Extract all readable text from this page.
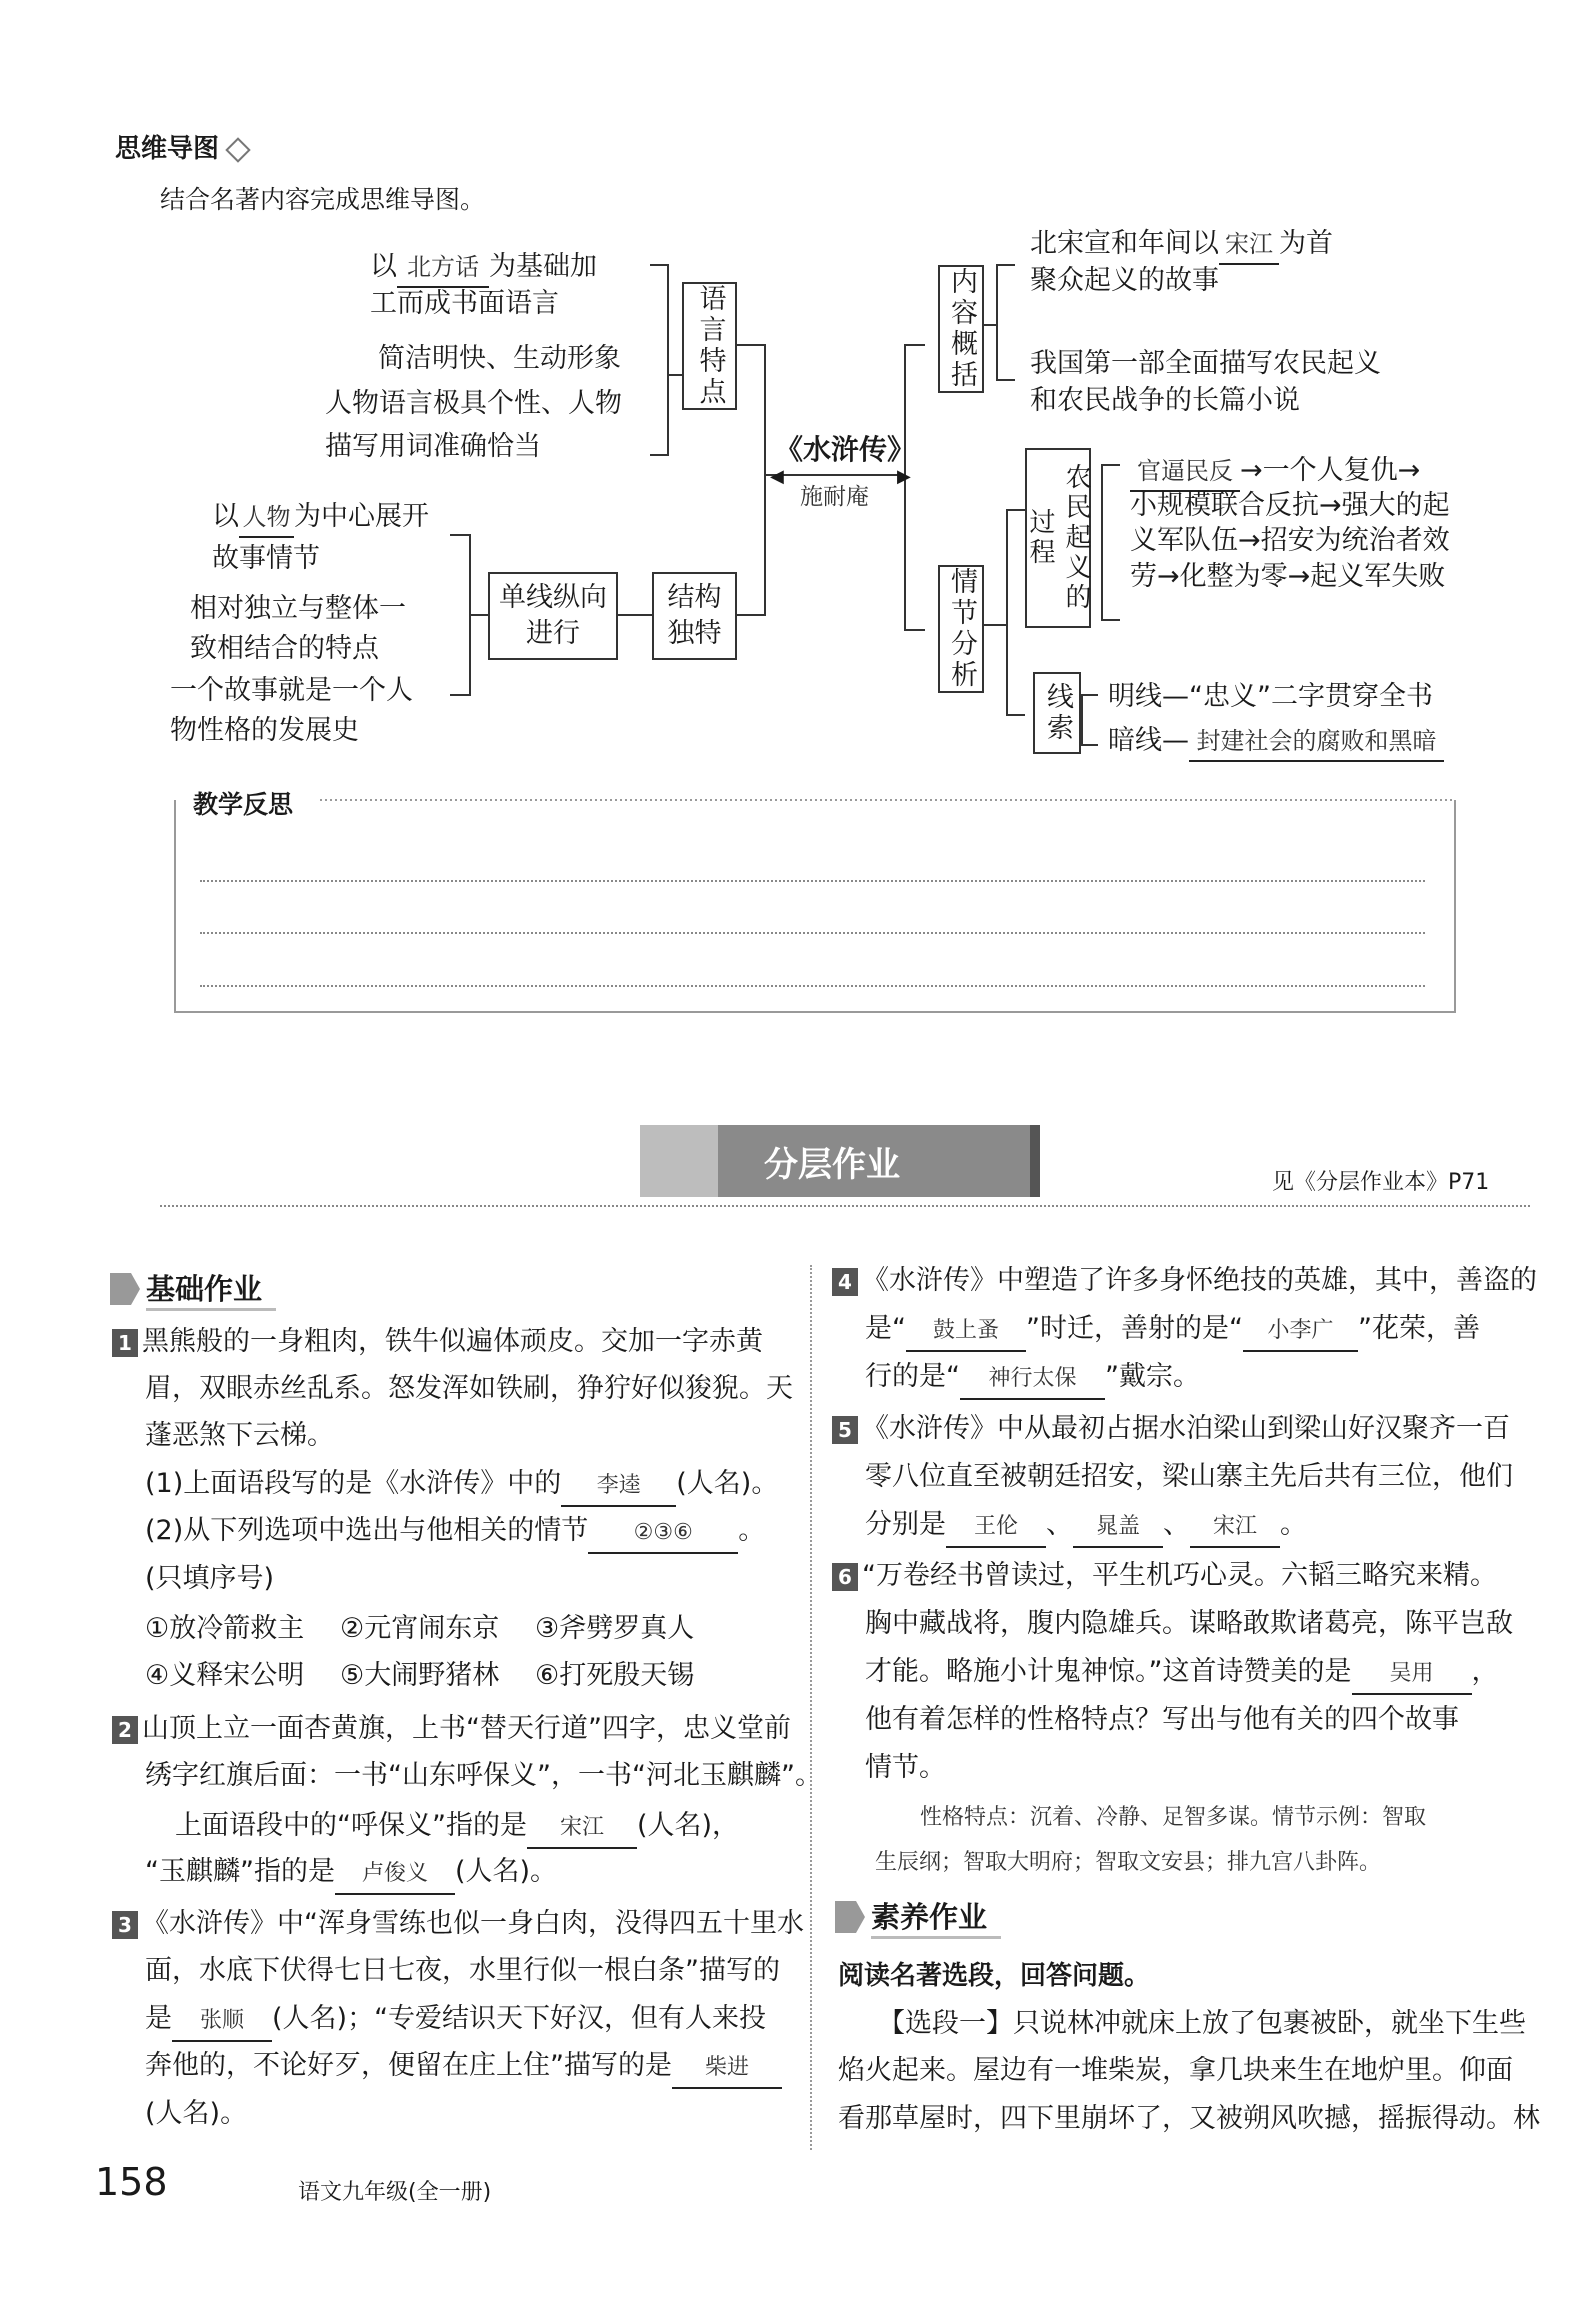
思维导图
结合名著内容完成思维导图。
以 北方话 为基础加
工而成书面语言
简洁明快、生动形象
人物语言极具个性、人物
描写用词准确恰当
语言特点
以 人物 为中心展开
故事情节
相对独立与整体一
致相结合的特点
一个故事就是一个人
物性格的发展史
单线纵向进行
结构独特
《水浒传》
施耐庵
◀	▶
内容概括
北宋宣和年间以 宋江 为首
聚众起义的故事
我国第一部全面描写农民起义
和农民战争的长篇小说
情节分析
农民起义的过程
官逼民反 →一个人复仇→
小规模联合反抗→强大的起
义军队伍→招安为统治者效
劳→化整为零→起义军失败
线索 明线—“忠义”二字贯穿全书
暗线— 封建社会的腐败和黑暗
教学反思
分层作业	见《分层作业本》P71
基础作业
1 黑熊般的一身粗肉，铁牛似遍体顽皮。交加一字赤黄
眉，双眼赤丝乱系。怒发浑如铁刷，狰狞好似狻猊。天
蓬恶煞下云梯。
(1)上面语段写的是《水浒传》中的 李逵 (人名)。
(2)从下列选项中选出与他相关的情节 ②③⑥ 。
(只填序号)
①放冷箭救主 ②元宵闹东京 ③斧劈罗真人
④义释宋公明 ⑤大闹野猪林 ⑥打死殷天锡
2 山顶上立一面杏黄旗，上书“替天行道”四字，忠义堂前
绣字红旗后面：一书“山东呼保义”，一书“河北玉麒麟”。
上面语段中的“呼保义”指的是 宋江 (人名)，
“玉麒麟”指的是 卢俊义 (人名)。
3 《水浒传》中“浑身雪练也似一身白肉，没得四五十里水
面，水底下伏得七日七夜，水里行似一根白条”描写的
是 张顺 (人名)；“专爱结识天下好汉，但有人来投
奔他的，不论好歹，便留在庄上住”描写的是 柴进
(人名)。
4 《水浒传》中塑造了许多身怀绝技的英雄，其中，善盗的
是“ 鼓上蚤 ”时迁，善射的是“ 小李广 ”花荣，善
行的是“ 神行太保 ”戴宗。
5 《水浒传》中从最初占据水泊梁山到梁山好汉聚齐一百
零八位直至被朝廷招安，梁山寨主先后共有三位，他们
分别是 王伦 、 晁盖 、 宋江 。
6 “万卷经书曾读过，平生机巧心灵。六韬三略究来精。
胸中藏战将，腹内隐雄兵。谋略敢欺诸葛亮，陈平岂敌
才能。略施小计鬼神惊。”这首诗赞美的是 吴用 ，
他有着怎样的性格特点？写出与他有关的四个故事
情节。
性格特点：沉着、冷静、足智多谋。情节示例：智取
生辰纲；智取大明府；智取文安县；排九宫八卦阵。
素养作业
阅读名著选段，回答问题。
【选段一】只说林冲就床上放了包裹被卧，就坐下生些
焰火起来。屋边有一堆柴炭，拿几块来生在地炉里。仰面
看那草屋时，四下里崩坏了，又被朔风吹撼，摇振得动。林
158	语文九年级(全一册)
